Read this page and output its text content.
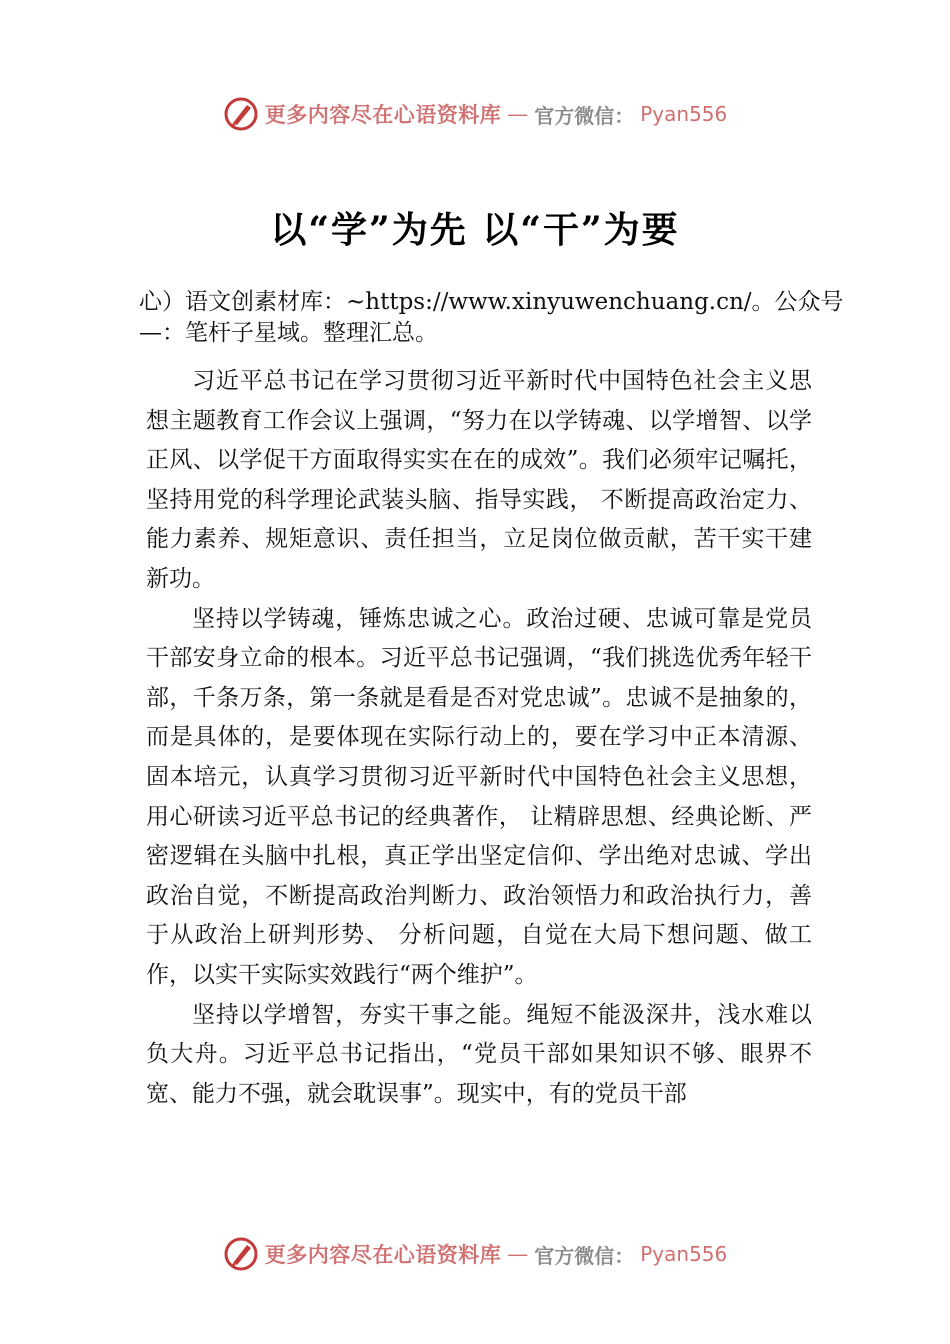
更多内容尽在心语资料库 — 官方微信： Pyan556
以“学”为先 以“干”为要
心）语文创素材库：~https://www.xinyuwenchuang.cn/。公众号—：笔杆子星域。整理汇总。

习近平总书记在学习贯彻习近平新时代中国特色社会主义思想主题教育工作会议上强调，“努力在以学铸魂、以学增智、以学正风、以学促干方面取得实实在在的成效”。我们必须牢记嘱托，坚持用党的科学理论武装头脑、指导实践， 不断提高政治定力、能力素养、规矩意识、责任担当，立足岗位做贡献，苦干实干建新功。

坚持以学铸魂，锤炼忠诚之心。政治过硬、忠诚可靠是党员干部安身立命的根本。习近平总书记强调，“我们挑选优秀年轻干部，千条万条，第一条就是看是否对党忠诚”。忠诚不是抽象的，而是具体的，是要体现在实际行动上的，要在学习中正本清源、固本培元，认真学习贯彻习近平新时代中国特色社会主义思想，用心研读习近平总书记的经典著作， 让精辟思想、经典论断、严密逻辑在头脑中扎根，真正学出坚定信仰、学出绝对忠诚、学出政治自觉，不断提高政治判断力、政治领悟力和政治执行力，善于从政治上研判形势、 分析问题，自觉在大局下想问题、做工作，以实干实际实效践行“两个维护”。

坚持以学增智，夯实干事之能。绳短不能汲深井，浅水难以负大舟。习近平总书记指出，“党员干部如果知识不够、眼界不宽、能力不强，就会耽误事”。现实中，有的党员干部

更多内容尽在心语资料库 — 官方微信： Pyan556
